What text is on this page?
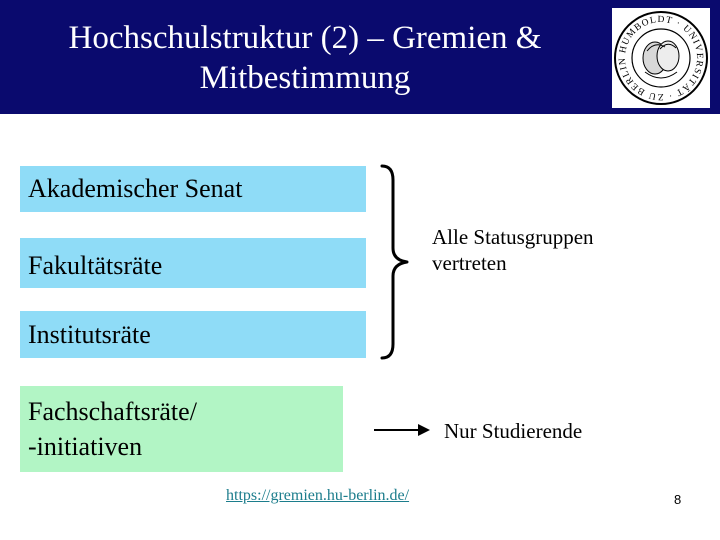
Hochschulstruktur (2) – Gremien &
Mitbestimmung
HUMBOLDT · UNIVERSITÄT · ZU BERLIN
Akademischer Senat
Fakultätsräte
Institutsräte
Fachschaftsräte/
-initiativen
Alle Statusgruppen
vertreten
Nur Studierende
https://gremien.hu-berlin.de/	8
